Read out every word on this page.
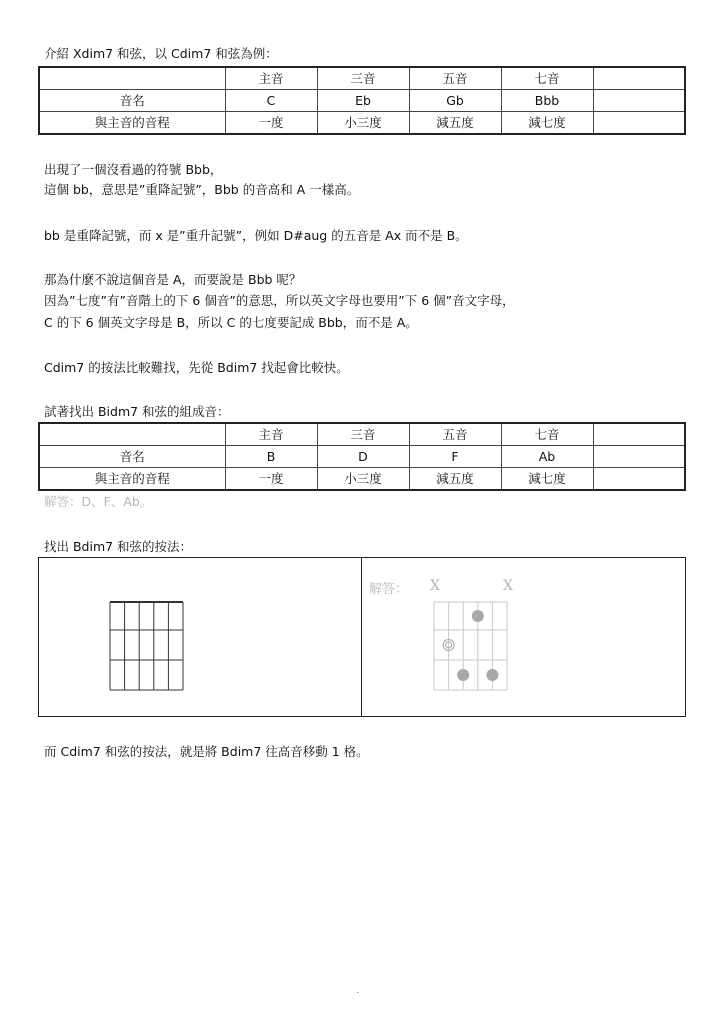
介紹 Xdim7 和弦，以 Cdim7 和弦為例：
	主音	三音	五音	七音	
音名	C	Eb	Gb	Bbb	
與主音的音程	一度	小三度	減五度	減七度	
出現了一個沒看過的符號 Bbb，
這個 bb，意思是”重降記號”，Bbb 的音高和 A 一樣高。
bb 是重降記號，而 x 是”重升記號”，例如 D#aug 的五音是 Ax 而不是 B。
那為什麼不說這個音是 A，而要說是 Bbb 呢？
因為”七度”有”音階上的下 6 個音”的意思，所以英文字母也要用”下 6 個”音文字母，
C 的下 6 個英文字母是 B，所以 C 的七度要記成 Bbb，而不是 A。
Cdim7 的按法比較難找，先從 Bdim7 找起會比較快。
試著找出 Bidm7 和弦的組成音：
	主音	三音	五音	七音	
音名	B	D	F	Ab	
與主音的音程	一度	小三度	減五度	減七度	
解答：D、F、Ab。
找出 Bdim7 和弦的按法：
解答： X	X
而 Cdim7 和弦的按法，就是將 Bdim7 往高音移動 1 格。
.
